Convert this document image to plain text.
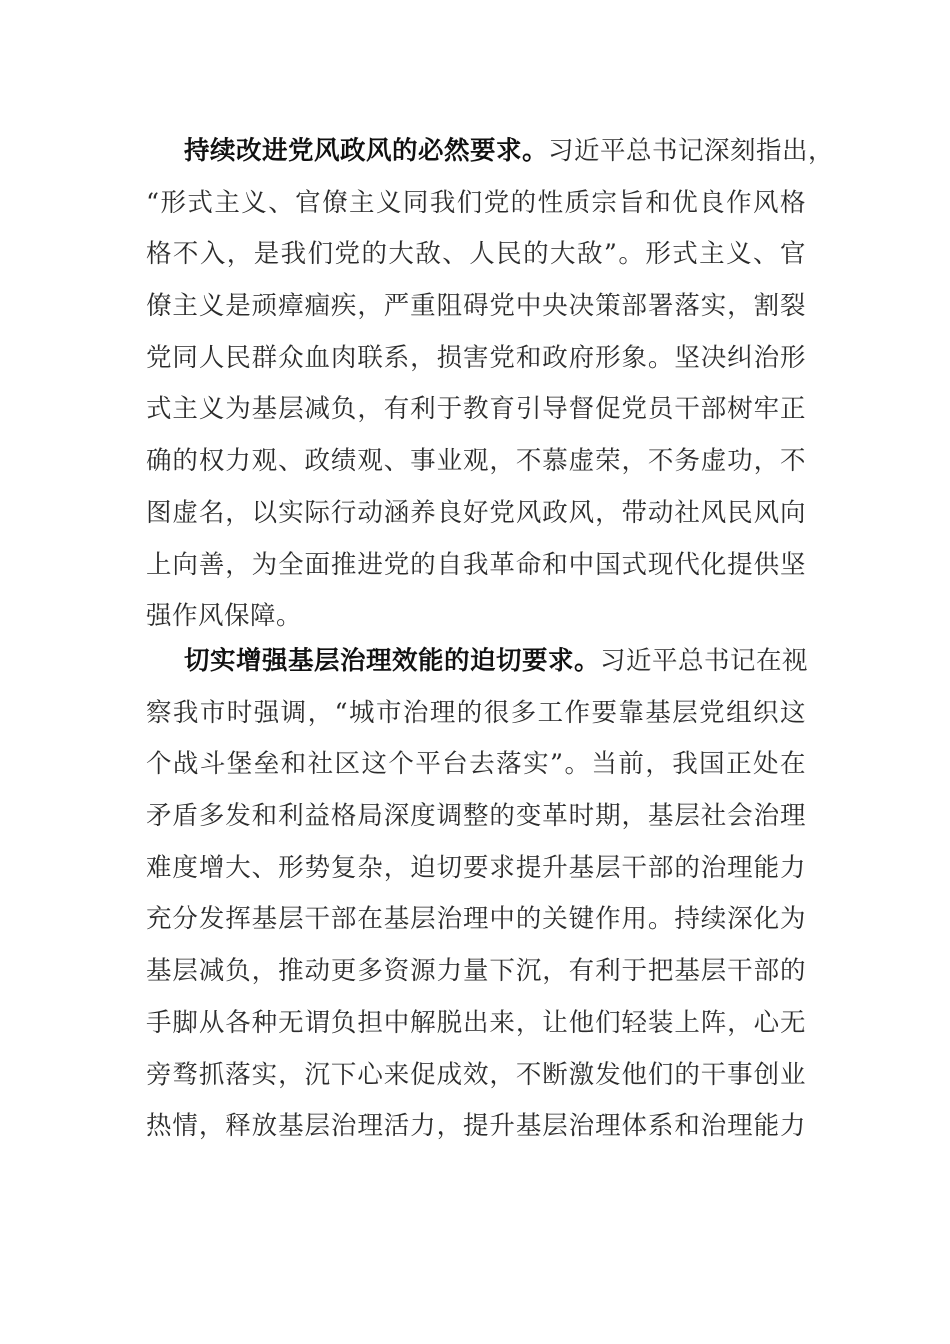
持续改进党风政风的必然要求。习近平总书记深刻指出，
“形式主义、官僚主义同我们党的性质宗旨和优良作风格
格不入，是我们党的大敌、人民的大敌”。形式主义、官
僚主义是顽瘴痼疾，严重阻碍党中央决策部署落实，割裂
党同人民群众血肉联系，损害党和政府形象。坚决纠治形
式主义为基层减负，有利于教育引导督促党员干部树牢正
确的权力观、政绩观、事业观，不慕虚荣，不务虚功，不
图虚名，以实际行动涵养良好党风政风，带动社风民风向
上向善，为全面推进党的自我革命和中国式现代化提供坚
强作风保障。
切实增强基层治理效能的迫切要求。习近平总书记在视
察我市时强调，“城市治理的很多工作要靠基层党组织这
个战斗堡垒和社区这个平台去落实”。当前，我国正处在
矛盾多发和利益格局深度调整的变革时期，基层社会治理
难度增大、形势复杂，迫切要求提升基层干部的治理能力
充分发挥基层干部在基层治理中的关键作用。持续深化为
基层减负，推动更多资源力量下沉，有利于把基层干部的
手脚从各种无谓负担中解脱出来，让他们轻装上阵，心无
旁骛抓落实，沉下心来促成效，不断激发他们的干事创业
热情，释放基层治理活力，提升基层治理体系和治理能力
